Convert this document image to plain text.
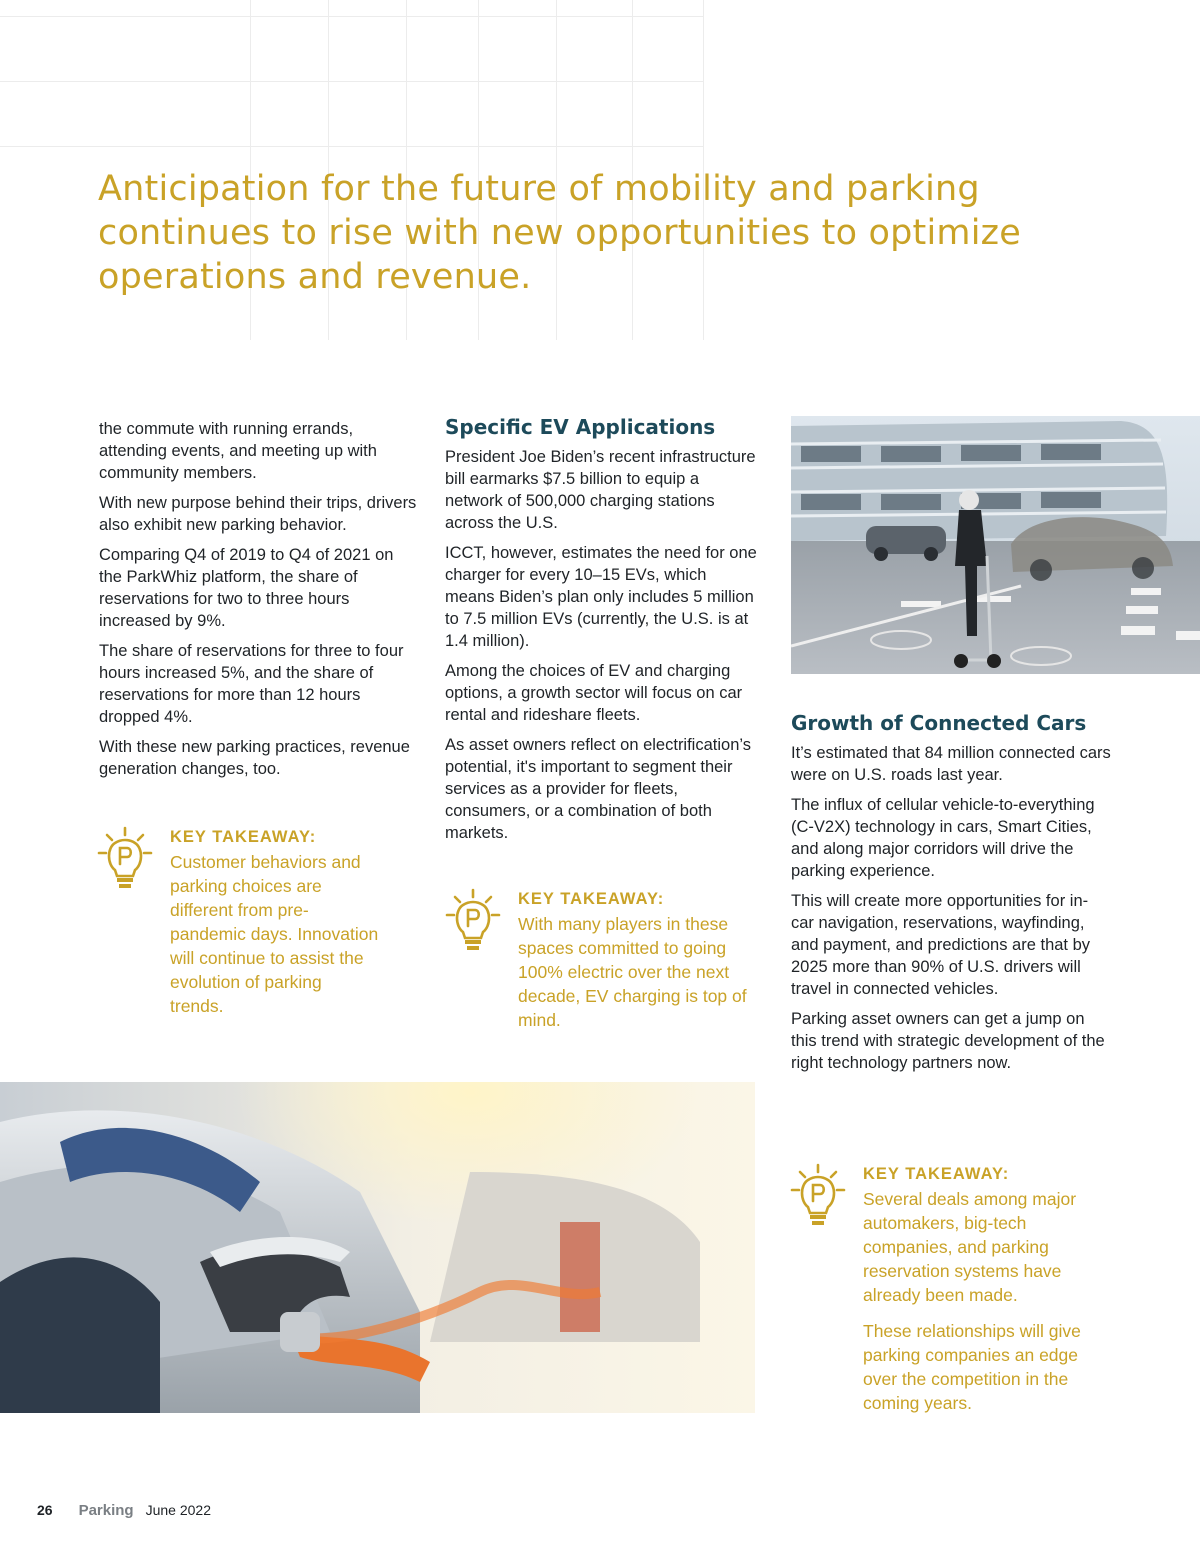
Anticipation for the future of mobility and parking continues to rise with new opportunities to optimize operations and revenue.

the commute with running errands, attending events, and meeting up with community members.

With new purpose behind their trips, drivers also exhibit new parking behavior.

Comparing Q4 of 2019 to Q4 of 2021 on the ParkWhiz platform, the share of reservations for two to three hours increased by 9%.

The share of reservations for three to four hours increased 5%, and the share of reservations for more than 12 hours dropped 4%.

With these new parking practices, revenue generation changes, too.

KEY TAKEAWAY:

Customer behaviors and parking choices are different from pre-pandemic days. Innovation will continue to assist the evolution of parking trends.

Specific EV Applications

President Joe Biden’s recent infrastructure bill earmarks $7.5 billion to equip a network of 500,000 charging stations across the U.S.

ICCT, however, estimates the need for one charger for every 10–15 EVs, which means Biden’s plan only includes 5 million to 7.5 million EVs (currently, the U.S. is at 1.4 million).

Among the choices of EV and charging options, a growth sector will focus on car rental and rideshare fleets.

As asset owners reflect on electrification’s potential, it's important to segment their services as a provider for fleets, consumers, or a combination of both markets.

KEY TAKEAWAY:

With many players in these spaces committed to going 100% electric over the next decade, EV charging is top of mind.

Growth of Connected Cars

It’s estimated that 84 million connected cars were on U.S. roads last year.

The influx of cellular vehicle-to-everything (C-V2X) technology in cars, Smart Cities, and along major corridors will drive the parking experience.

This will create more opportunities for in-car navigation, reservations, wayfinding, and payment, and predictions are that by 2025 more than 90% of U.S. drivers will travel in connected vehicles.

Parking asset owners can get a jump on this trend with strategic development of the right technology partners now.

KEY TAKEAWAY:

Several deals among major automakers, big-tech companies, and parking reservation systems have already been made.

These relationships will give parking companies an edge over the competition in the coming years.

26 Parking June 2022
